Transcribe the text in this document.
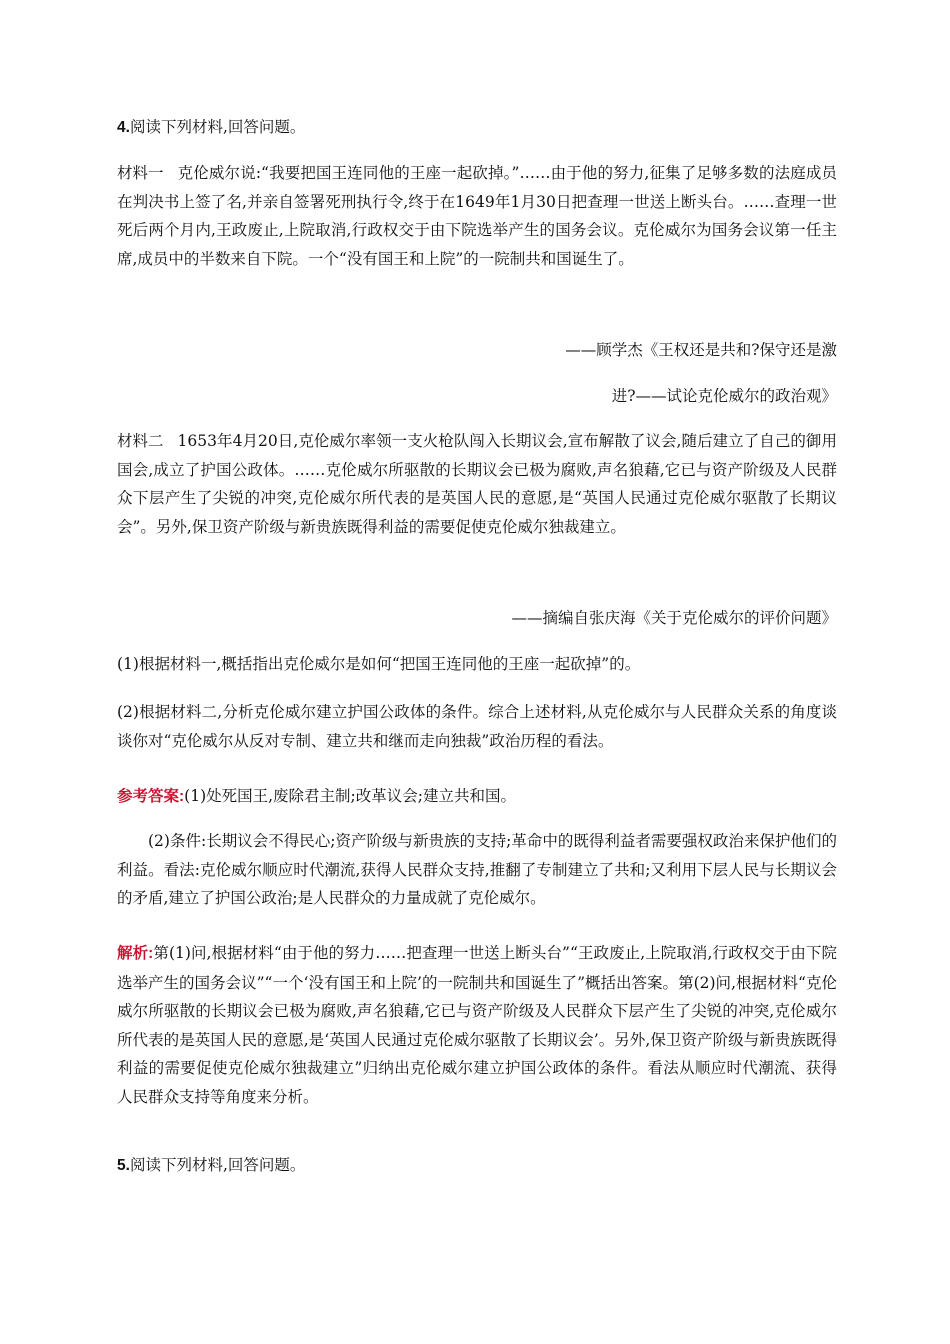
4.阅读下列材料,回答问题。

材料一 克伦威尔说:“我要把国王连同他的王座一起砍掉。”……由于他的努力,征集了足够多数的法庭成员在判决书上签了名,并亲自签署死刑执行令,终于在1649年1月30日把查理一世送上断头台。……查理一世死后两个月内,王政废止,上院取消,行政权交于由下院选举产生的国务会议。克伦威尔为国务会议第一任主席,成员中的半数来自下院。一个“没有国王和上院”的一院制共和国诞生了。

——顾学杰《王权还是共和?保守还是激

进?——试论克伦威尔的政治观》

材料二 1653年4月20日,克伦威尔率领一支火枪队闯入长期议会,宣布解散了议会,随后建立了自己的御用国会,成立了护国公政体。……克伦威尔所驱散的长期议会已极为腐败,声名狼藉,它已与资产阶级及人民群众下层产生了尖锐的冲突,克伦威尔所代表的是英国人民的意愿,是“英国人民通过克伦威尔驱散了长期议会”。另外,保卫资产阶级与新贵族既得利益的需要促使克伦威尔独裁建立。

——摘编自张庆海《关于克伦威尔的评价问题》

(1)根据材料一,概括指出克伦威尔是如何“把国王连同他的王座一起砍掉”的。

(2)根据材料二,分析克伦威尔建立护国公政体的条件。综合上述材料,从克伦威尔与人民群众关系的角度谈谈你对“克伦威尔从反对专制、建立共和继而走向独裁”政治历程的看法。

参考答案:(1)处死国王,废除君主制;改革议会;建立共和国。

(2)条件:长期议会不得民心;资产阶级与新贵族的支持;革命中的既得利益者需要强权政治来保护他们的利益。看法:克伦威尔顺应时代潮流,获得人民群众支持,推翻了专制建立了共和;又利用下层人民与长期议会的矛盾,建立了护国公政治;是人民群众的力量成就了克伦威尔。

解析:第(1)问,根据材料“由于他的努力……把查理一世送上断头台”“王政废止,上院取消,行政权交于由下院选举产生的国务会议”“一个‘没有国王和上院’的一院制共和国诞生了”概括出答案。第(2)问,根据材料“克伦威尔所驱散的长期议会已极为腐败,声名狼藉,它已与资产阶级及人民群众下层产生了尖锐的冲突,克伦威尔所代表的是英国人民的意愿,是‘英国人民通过克伦威尔驱散了长期议会’。另外,保卫资产阶级与新贵族既得利益的需要促使克伦威尔独裁建立”归纳出克伦威尔建立护国公政体的条件。看法从顺应时代潮流、获得人民群众支持等角度来分析。

5.阅读下列材料,回答问题。
